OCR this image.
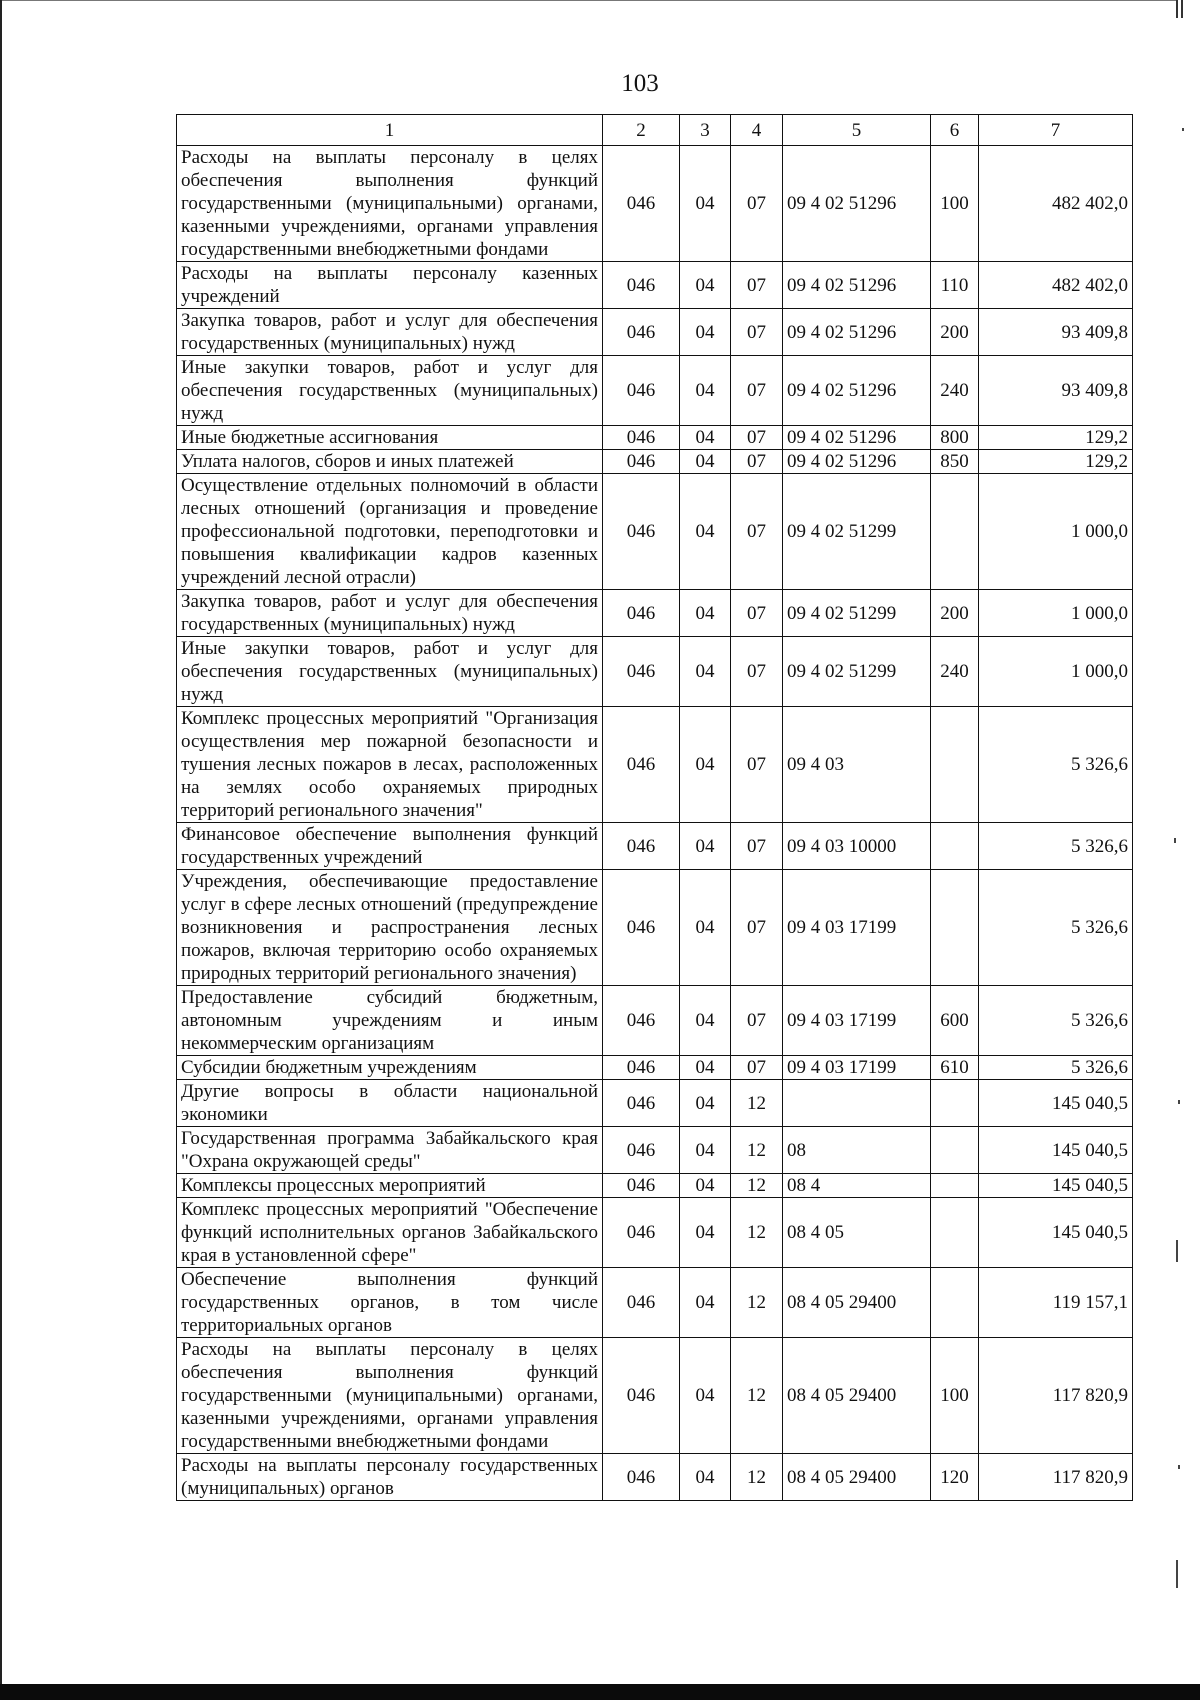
103
1	2	3	4	5	6	7
Расходы на выплаты персоналу в целях обеспечения выполнения функций государственными (муниципальными) органами, казенными учреждениями, органами управления государственными внебюджетными фондами	046	04	07	09 4 02 51296	100	482 402,0
Расходы на выплаты персоналу казенных учреждений	046	04	07	09 4 02 51296	110	482 402,0
Закупка товаров, работ и услуг для обеспечения государственных (муниципальных) нужд	046	04	07	09 4 02 51296	200	93 409,8
Иные закупки товаров, работ и услуг для обеспечения государственных (муниципальных) нужд	046	04	07	09 4 02 51296	240	93 409,8
Иные бюджетные ассигнования	046	04	07	09 4 02 51296	800	129,2
Уплата налогов, сборов и иных платежей	046	04	07	09 4 02 51296	850	129,2
Осуществление отдельных полномочий в области лесных отношений (организация и проведение профессиональной подготовки, переподготовки и повышения квалификации кадров казенных учреждений лесной отрасли)	046	04	07	09 4 02 51299		1 000,0
Закупка товаров, работ и услуг для обеспечения государственных (муниципальных) нужд	046	04	07	09 4 02 51299	200	1 000,0
Иные закупки товаров, работ и услуг для обеспечения государственных (муниципальных) нужд	046	04	07	09 4 02 51299	240	1 000,0
Комплекс процессных мероприятий "Организация осуществления мер пожарной безопасности и тушения лесных пожаров в лесах, расположенных на землях особо охраняемых природных территорий регионального значения"	046	04	07	09 4 03		5 326,6
Финансовое обеспечение выполнения функций государственных учреждений	046	04	07	09 4 03 10000		5 326,6
Учреждения, обеспечивающие предоставление услуг в сфере лесных отношений (предупреждение возникновения и распространения лесных пожаров, включая территорию особо охраняемых природных территорий регионального значения)	046	04	07	09 4 03 17199		5 326,6
Предоставление субсидий бюджетным, автономным учреждениям и иным некоммерческим организациям	046	04	07	09 4 03 17199	600	5 326,6
Субсидии бюджетным учреждениям	046	04	07	09 4 03 17199	610	5 326,6
Другие вопросы в области национальной экономики	046	04	12			145 040,5
Государственная программа Забайкальского края "Охрана окружающей среды"	046	04	12	08		145 040,5
Комплексы процессных мероприятий	046	04	12	08 4		145 040,5
Комплекс процессных мероприятий "Обеспечение функций исполнительных органов Забайкальского края в установленной сфере"	046	04	12	08 4 05		145 040,5
Обеспечение выполнения функций государственных органов, в том числе территориальных органов	046	04	12	08 4 05 29400		119 157,1
Расходы на выплаты персоналу в целях обеспечения выполнения функций государственными (муниципальными) органами, казенными учреждениями, органами управления государственными внебюджетными фондами	046	04	12	08 4 05 29400	100	117 820,9
Расходы на выплаты персоналу государственных (муниципальных) органов	046	04	12	08 4 05 29400	120	117 820,9
